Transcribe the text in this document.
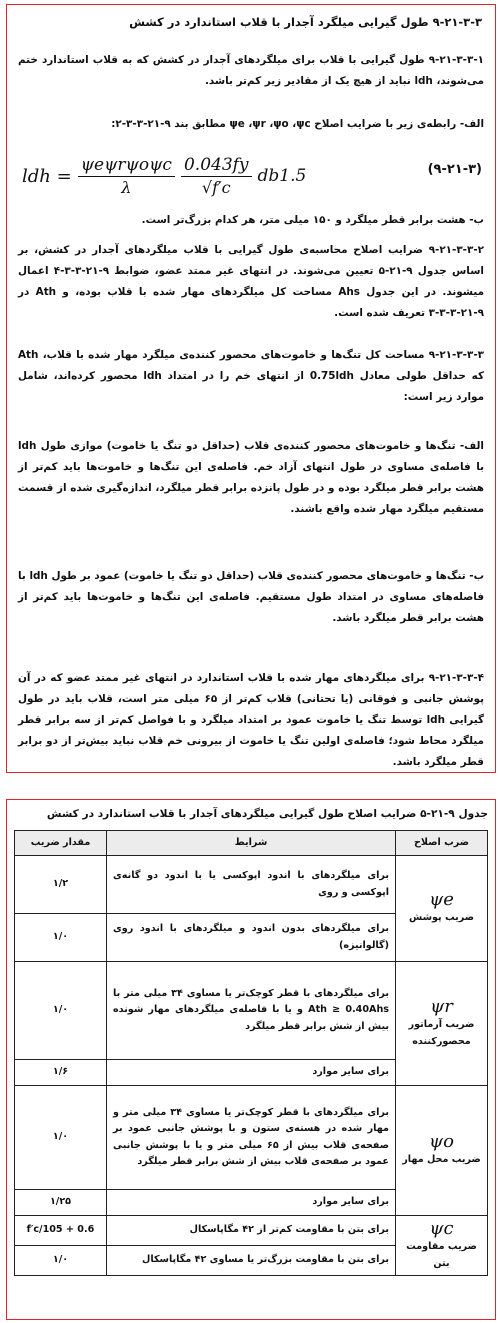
۹-۲۱-۳-۳ طول گیرایی میلگرد آجدار با قلاب استاندارد در کشش
۹-۲۱-۳-۳-۱ طول گیرایی با قلاب برای میلگردهای آجدار در کشش که به قلاب استاندارد ختم می‌شوند، ldh نباید از هیچ یک از مقادیر زیر کم‌تر باشد.
الف- رابطه‌ی زیر با ضرایب اصلاح ψe ،ψr ،ψo ،ψc مطابق بند ۹-۲۱-۳-۳-۲:
ldh = $\frac{\text{ψeψrψoψc}}{\lambda} \frac{0.043fy}{√f'c} db1.5$	(۹-۲۱-۳)
ب- هشت برابر قطر میلگرد و ۱۵۰ میلی متر، هر کدام بزرگ‌تر است.
۹-۲۱-۳-۳-۲ ضرایب اصلاح محاسبه‌ی طول گیرایی با قلاب میلگردهای آجدار در کشش، بر اساس جدول ۹-۲۱-۵ تعیین می‌شوند. در انتهای غیر ممتد عضو، ضوابط ۹-۲۱-۳-۳-۴ اعمال میشوند. در این جدول Ahs مساحت کل میلگردهای مهار شده با قلاب بوده، و Ath در ۹-۲۱-۳-۳-۳ تعریف شده است.
۹-۲۱-۳-۳-۳ مساحت کل تنگ‌ها و خاموت‌های محصور کننده‌ی میلگرد مهار شده با قلاب، Ath که حداقل طولی معادل 0.75ldh از انتهای خم را در امتداد ldh محصور کرده‌اند، شامل موارد زیر است:
الف- تنگ‌ها و خاموت‌های محصور کننده‌ی قلاب (حداقل دو تنگ یا خاموت) موازی طول ldh با فاصله‌ی مساوی در طول انتهای آزاد خم. فاصله‌ی این تنگ‌ها و خاموت‌ها باید کم‌تر از هشت برابر قطر میلگرد بوده و در طول پانزده برابر قطر میلگرد، اندازه‌گیری شده از قسمت مستقیم میلگرد مهار شده واقع باشند.
ب- تنگ‌ها و خاموت‌های محصور کننده‌ی قلاب (حداقل دو تنگ یا خاموت) عمود بر طول ldh با فاصله‌های مساوی در امتداد طول مستقیم. فاصله‌ی این تنگ‌ها و خاموت‌ها باید کم‌تر از هشت برابر قطر میلگرد باشد.
۹-۲۱-۳-۳-۴ برای میلگردهای مهار شده با قلاب استاندارد در انتهای غیر ممتد عضو که در آن پوشش جانبی و فوقانی (یا تحتانی) قلاب کم‌تر از ۶۵ میلی متر است، قلاب باید در طول گیرایی ldh توسط تنگ یا خاموت عمود بر امتداد میلگرد و با فواصل کم‌تر از سه برابر قطر میلگرد محاط شود؛ فاصله‌ی اولین تنگ یا خاموت از بیرونی خم قلاب نباید بیش‌تر از دو برابر قطر میلگرد باشد.
جدول ۹-۲۱-۵ ضرایب اصلاح طول گیرایی میلگردهای آجدار با قلاب استاندارد در کشش
ضرب اصلاح	شرایط	مقدار ضریب

ψe
ضریب پوشش	برای میلگردهای با اندود اپوکسی یا با اندود دو گانه‌ی اپوکسی و روی	۱/۲
	برای میلگردهای بدون اندود و میلگردهای با اندود روی (گالوانیزه)	۱/۰

ψr
ضریب آرماتور محصورکننده	برای میلگردهای با قطر کوچک‌تر یا مساوی ۳۴ میلی متر با Ath ≥ 0.40Ahs و یا با فاصله‌ی میلگردهای مهار شونده بیش از شش برابر قطر میلگرد	۱/۰
	برای سایر موارد	۱/۶

ψo
ضریب محل مهار	برای میلگردهای با قطر کوچک‌تر یا مساوی ۳۴ میلی متر و مهار شده در هسته‌ی ستون و با پوشش جانبی عمود بر صفحه‌ی قلاب بیش از ۶۵ میلی متر و یا با پوشش جانبی عمود بر صفحه‌ی قلاب بیش از شش برابر قطر میلگرد	۱/۰
	برای سایر موارد	۱/۲۵

ψc
ضریب مقاومت بتن	برای بتن با مقاومت کم‌تر از ۴۲ مگاپاسکال	f′c/105 + 0.6
	برای بتن با مقاومت بزرگ‌تر یا مساوی ۴۲ مگاپاسکال	۱/۰
